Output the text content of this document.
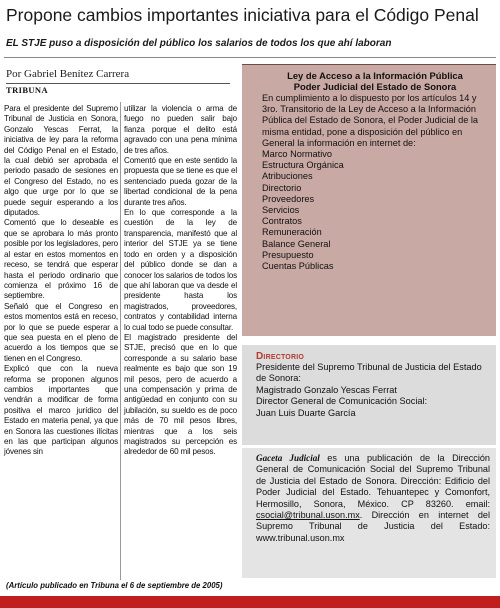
Propone cambios importantes iniciativa para el Código Penal
EL STJE puso a disposición del público los salarios de todos los que ahí laboran
Por Gabriel Benítez Carrera
TRIBUNA

Para el presidente del Supremo Tribunal de Justicia en Sonora, Gonzalo Yescas Ferrat, la iniciativa de ley para la reforma del Código Penal en el Estado, la cual debió ser aprobada el periodo pasado de sesiones en el Congreso del Estado, no es algo que urge por lo que se puede seguir esperando a los diputados.

Comentó que lo deseable es que se aprobara lo más pronto posible por los legisladores, pero al estar en estos momentos en receso, se tendrá que esperar hasta el periodo ordinario que comienza el próximo 16 de septiembre.

Señaló que el Congreso en estos momentos está en receso, por lo que se puede esperar a que sea puesta en el pleno de acuerdo a los tiempos que se tienen en el Congreso.

Explicó que con la nueva reforma se proponen algunos cambios importantes que vendrán a modificar de forma positiva el marco jurídico del Estado en materia penal, ya que en Sonora las cuestiones ilícitas en las que participan algunos jóvenes sin

utilizar la violencia o arma de fuego no pueden salir bajo fianza porque el delito está agravado con una pena mínima de tres años.

Comentó que en este sentido la propuesta que se tiene es que el sentenciado pueda gozar de la libertad condicional de la pena durante tres años.

En lo que corresponde a la cuestión de la ley de transparencia, manifestó que al interior del STJE ya se tiene todo en orden y a disposición del público donde se dan a conocer los salarios de todos los que ahí laboran que va desde el presidente hasta los magistrados, proveedores, contratos y contabilidad interna lo cual todo se puede consultar.

El magistrado presidente del STJE, precisó que en lo que corresponde a su salario base realmente es bajo que son 19 mil pesos, pero de acuerdo a una compensación y prima de antigüedad en conjunto con su jubilación, su sueldo es de poco más de 70 mil pesos libres, mientras que a los seis magistrados su percepción es alrededor de 60 mil pesos.

(Artículo publicado en Tribuna el 6 de septiembre de 2005)
Ley de Acceso a la Información Pública
Poder Judicial del Estado de Sonora
En cumplimiento a lo dispuesto por los artículos 14 y 3ro. Transitorio de la Ley de Acceso a la Información Pública del Estado de Sonora, el Poder Judicial de la misma entidad, pone a disposición del público en General la información en internet de:
Marco Normativo
Estructura Orgánica
Atribuciones
Directorio
Proveedores
Servicios
Contratos
Remuneración
Balance General
Presupuesto
Cuentas Públicas
Directorio
Presidente del Supremo Tribunal de Justicia del Estado de Sonora:
Magistrado Gonzalo Yescas Ferrat
Director General de Comunicación Social:
Juan Luis Duarte García
Gaceta Judicial es una publicación de la Dirección General de Comunicación Social del Supremo Tribunal de Justicia del Estado de Sonora. Dirección: Edificio del Poder Judicial del Estado. Tehuantepec y Comonfort, Hermosillo, Sonora, México. CP 83260. email: csocial@tribunal.uson.mx. Dirección en internet del Supremo Tribunal de Justicia del Estado: www.tribunal.uson.mx
